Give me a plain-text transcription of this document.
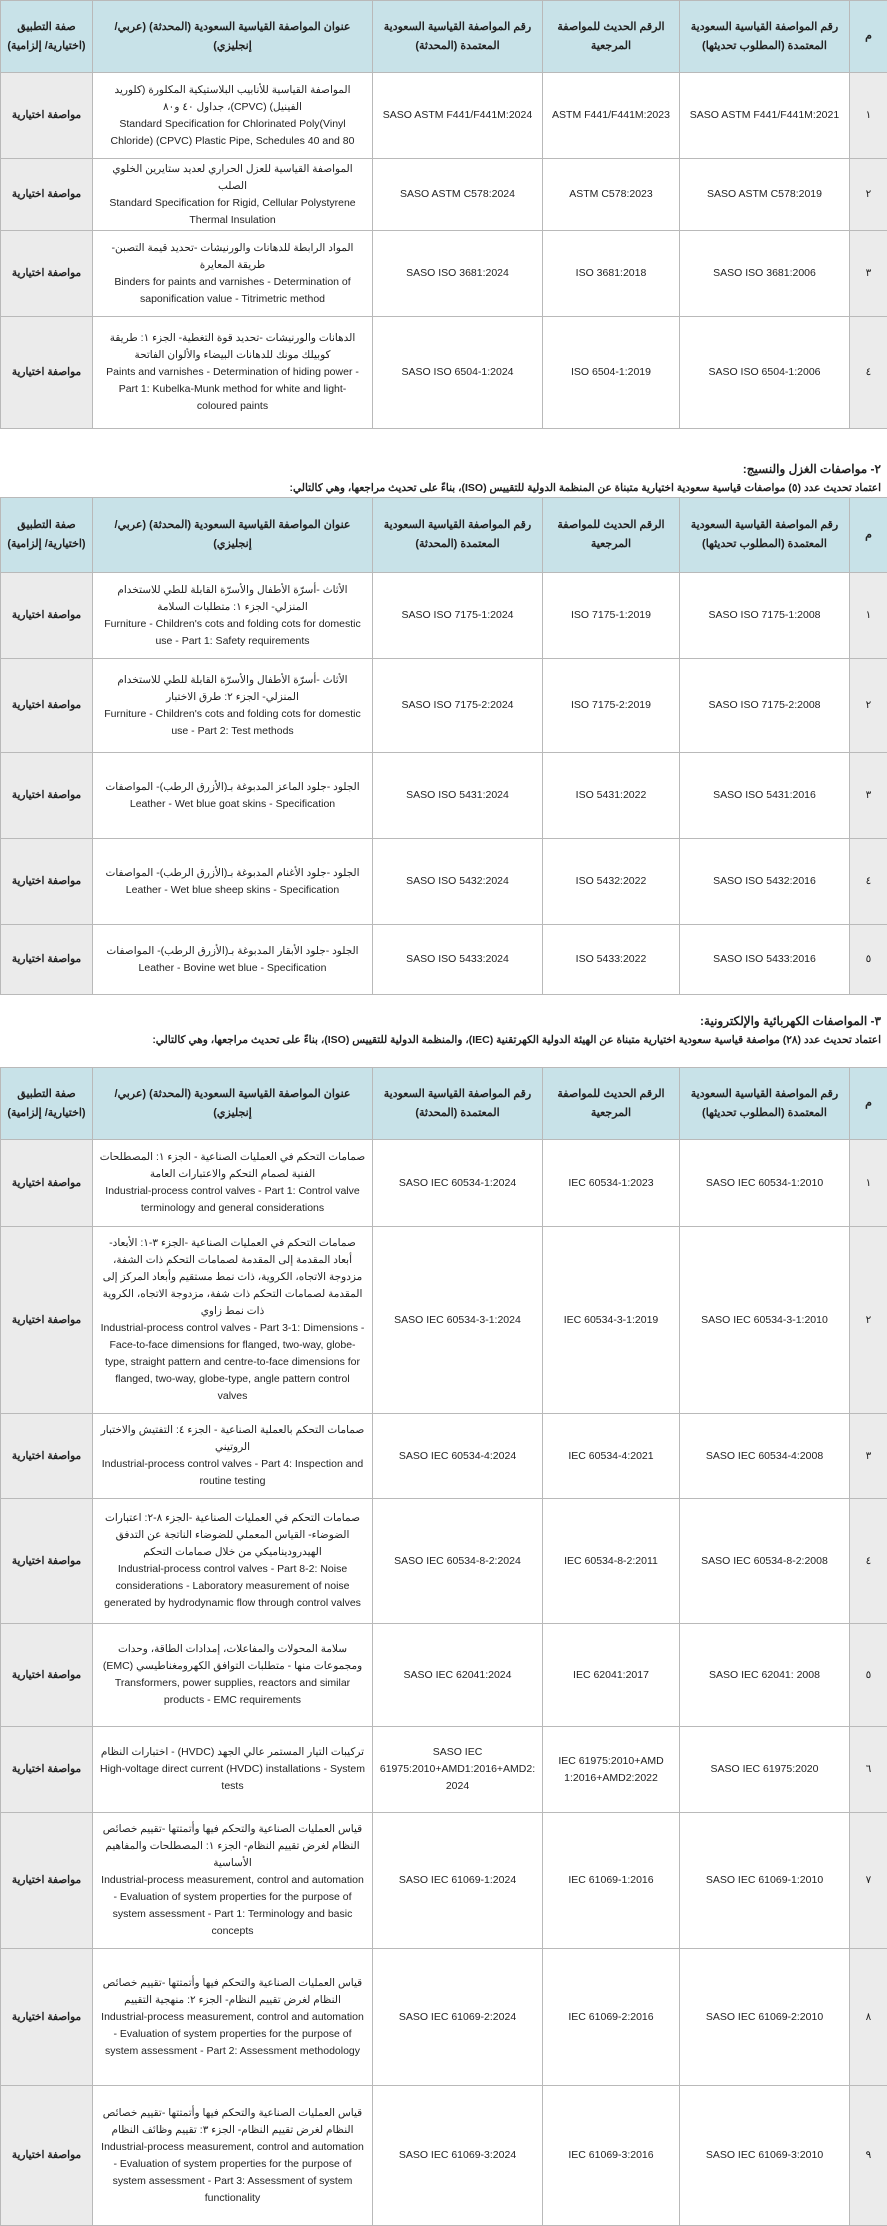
٢- مواصفات الغزل والنسيج:

اعتماد تحديث عدد (٥) مواصفات قياسية سعودية اختيارية متبناة عن المنظمة الدولية للتقييس (ISO)، بناءً على تحديث مراجعها، وهي كالتالي:

٣- المواصفات الكهربائية والإلكترونية:

اعتماد تحديث عدد (٢٨) مواصفة قياسية سعودية اختيارية متبناة عن الهيئة الدولية الكهرتقنية (IEC)، والمنظمة الدولية للتقييس (ISO)، بناءً على تحديث مراجعها، وهي كالتالي:

م	رقم المواصفة القياسية السعودية المعتمدة (المطلوب تحديثها)	الرقم الحديث للمواصفة المرجعية	رقم المواصفة القياسية السعودية المعتمدة (المحدثة)	عنوان المواصفة القياسية السعودية (المحدثة) (عربي/ إنجليزي)	صفة التطبيق (اختيارية/ إلزامية)
١	SASO ASTM F441/F441M:2021	ASTM F441/F441M:2023	SASO ASTM F441/F441M:2024	المواصفة القياسية للأنابيب البلاستيكية المكلورة (كلوريد الفينيل) (CPVC)، جداول ٤٠ و٨٠
Standard Specification for Chlorinated Poly(Vinyl Chloride) (CPVC) Plastic Pipe, Schedules 40 and 80	مواصفة اختيارية
٢	SASO ASTM C578:2019	ASTM C578:2023	SASO ASTM C578:2024	المواصفة القياسية للعزل الحراري لعديد ستايرين الخلوي الصلب
Standard Specification for Rigid, Cellular Polystyrene Thermal Insulation	مواصفة اختيارية
٣	SASO ISO 3681:2006	ISO 3681:2018	SASO ISO 3681:2024	المواد الرابطة للدهانات والورنيشات -تحديد قيمة التصبن- طريقة المعايرة
Binders for paints and varnishes - Determination of saponification value - Titrimetric method	مواصفة اختيارية
٤	SASO ISO 6504-1:2006	ISO 6504-1:2019	SASO ISO 6504-1:2024	الدهانات والورنيشات -تحديد قوة التغطية- الجزء ١: طريقة كوبيلك مونك للدهانات البيضاء والألوان الفاتحة
Paints and varnishes - Determination of hiding power - Part 1: Kubelka-Munk method for white and light-coloured paints	مواصفة اختيارية
م	رقم المواصفة القياسية السعودية المعتمدة (المطلوب تحديثها)	الرقم الحديث للمواصفة المرجعية	رقم المواصفة القياسية السعودية المعتمدة (المحدثة)	عنوان المواصفة القياسية السعودية (المحدثة) (عربي/ إنجليزي)	صفة التطبيق (اختيارية/ إلزامية)
١	SASO ISO 7175-1:2008	ISO 7175-1:2019	SASO ISO 7175-1:2024	الأثاث -أسرّة الأطفال والأسرّة القابلة للطي للاستخدام المنزلي- الجزء ١: متطلبات السلامة
Furniture - Children's cots and folding cots for domestic use - Part 1: Safety requirements	مواصفة اختيارية
٢	SASO ISO 7175-2:2008	ISO 7175-2:2019	SASO ISO 7175-2:2024	الأثاث -أسرّة الأطفال والأسرّة القابلة للطي للاستخدام المنزلي- الجزء ٢: طرق الاختبار
Furniture - Children's cots and folding cots for domestic use - Part 2: Test methods	مواصفة اختيارية
٣	SASO ISO 5431:2016	ISO 5431:2022	SASO ISO 5431:2024	الجلود -جلود الماعز المدبوغة بـ(الأزرق الرطب)- المواصفات
Leather - Wet blue goat skins - Specification	مواصفة اختيارية
٤	SASO ISO 5432:2016	ISO 5432:2022	SASO ISO 5432:2024	الجلود -جلود الأغنام المدبوغة بـ(الأزرق الرطب)- المواصفات
Leather - Wet blue sheep skins - Specification	مواصفة اختيارية
٥	SASO ISO 5433:2016	ISO 5433:2022	SASO ISO 5433:2024	الجلود -جلود الأبقار المدبوغة بـ(الأزرق الرطب)- المواصفات
Leather - Bovine wet blue - Specification	مواصفة اختيارية
م	رقم المواصفة القياسية السعودية المعتمدة (المطلوب تحديثها)	الرقم الحديث للمواصفة المرجعية	رقم المواصفة القياسية السعودية المعتمدة (المحدثة)	عنوان المواصفة القياسية السعودية (المحدثة) (عربي/ إنجليزي)	صفة التطبيق (اختيارية/ إلزامية)
١	SASO IEC 60534-1:2010	IEC 60534-1:2023	SASO IEC 60534-1:2024	صمامات التحكم في العمليات الصناعية - الجزء ١: المصطلحات الفنية لصمام التحكم والاعتبارات العامة
Industrial-process control valves - Part 1: Control valve terminology and general considerations	مواصفة اختيارية
٢	SASO IEC 60534-3-1:2010	IEC 60534-3-1:2019	SASO IEC 60534-3-1:2024	صمامات التحكم في العمليات الصناعية -الجزء ٣-١: الأبعاد- أبعاد المقدمة إلى المقدمة لصمامات التحكم ذات الشفة، مزدوجة الاتجاه، الكروية، ذات نمط مستقيم وأبعاد المركز إلى المقدمة لصمامات التحكم ذات شفة، مزدوجة الاتجاه، الكروية ذات نمط زاوي
Industrial-process control valves - Part 3-1: Dimensions - Face-to-face dimensions for flanged, two-way, globe-type, straight pattern and centre-to-face dimensions for flanged, two-way, globe-type, angle pattern control valves	مواصفة اختيارية
٣	SASO IEC 60534-4:2008	IEC 60534-4:2021	SASO IEC 60534-4:2024	صمامات التحكم بالعملية الصناعية - الجزء ٤: التفتيش والاختبار الروتيني
Industrial-process control valves - Part 4: Inspection and routine testing	مواصفة اختيارية
٤	SASO IEC 60534-8-2:2008	IEC 60534-8-2:2011	SASO IEC 60534-8-2:2024	صمامات التحكم في العمليات الصناعية -الجزء ٨-٢: اعتبارات الضوضاء- القياس المعملي للضوضاء الناتجة عن التدفق الهيدروديناميكي من خلال صمامات التحكم
Industrial-process control valves - Part 8-2: Noise considerations - Laboratory measurement of noise generated by hydrodynamic flow through control valves	مواصفة اختيارية
٥	SASO IEC 62041: 2008	IEC 62041:2017	SASO IEC 62041:2024	سلامة المحولات والمفاعلات، إمدادات الطاقة، وحدات ومجموعات منها - متطلبات التوافق الكهرومغناطيسي (EMC)
Transformers, power supplies, reactors and similar products - EMC requirements	مواصفة اختيارية
٦	SASO IEC 61975:2020	IEC 61975:2010+AMD 1:2016+AMD2:2022	SASO IEC 61975:2010+AMD1:2016+AMD2: 2024	تركيبات التيار المستمر عالي الجهد (HVDC) - اختبارات النظام
High-voltage direct current (HVDC) installations - System tests	مواصفة اختيارية
٧	SASO IEC 61069-1:2010	IEC 61069-1:2016	SASO IEC 61069-1:2024	قياس العمليات الصناعية والتحكم فيها وأتمتتها -تقييم خصائص النظام لغرض تقييم النظام- الجزء ١: المصطلحات والمفاهيم الأساسية
Industrial-process measurement, control and automation - Evaluation of system properties for the purpose of system assessment - Part 1: Terminology and basic concepts	مواصفة اختيارية
٨	SASO IEC 61069-2:2010	IEC 61069-2:2016	SASO IEC 61069-2:2024	قياس العمليات الصناعية والتحكم فيها وأتمتتها -تقييم خصائص النظام لغرض تقييم النظام- الجزء ٢: منهجية التقييم
Industrial-process measurement, control and automation - Evaluation of system properties for the purpose of system assessment - Part 2: Assessment methodology	مواصفة اختيارية
٩	SASO IEC 61069-3:2010	IEC 61069-3:2016	SASO IEC 61069-3:2024	قياس العمليات الصناعية والتحكم فيها وأتمتتها -تقييم خصائص النظام لغرض تقييم النظام- الجزء ٣: تقييم وظائف النظام
Industrial-process measurement, control and automation - Evaluation of system properties for the purpose of system assessment - Part 3: Assessment of system functionality	مواصفة اختيارية
